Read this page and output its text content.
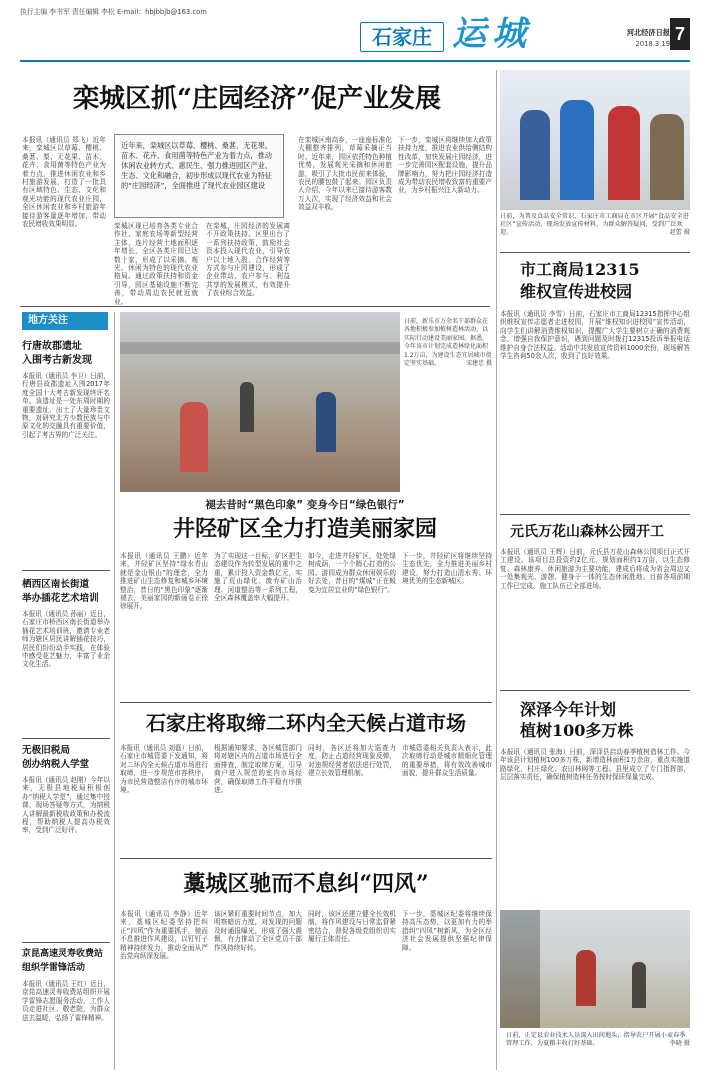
执行主编 李书军 责任编辑 李松 E-mail：hbjbbjb@163.com
石家庄 运城	河北经济日报
2018.3.19 7
栾城区抓“庄园经济”促产业发展
本报讯（通讯员 郑飞）近年来，栾城区以草莓、樱桃、桑葚、梨、无花果、苗木、花卉、食用菌等特色产业为着力点，推进休闲农业和乡村旅游发展，打造了一批具有区域特色、生态、文化和观光功能的现代农业庄园，全区休闲农业和乡村旅游年接待游客量逐年增加，带动农民增收效果明显。
近年来，栾城区以草莓、樱桃、桑葚、无花果、苗木、花卉、食用菌等特色产业为着力点，推动休闲农业转方式、惠民生、强力推进园区产业、生态、文化和融合，初步形成以现代农业为特征的“庄园经济”，全面推进了现代农业园区建设
栾城区现已培育各类专业合作社、家庭农场等新型经营主体，连片经营土地面积逐年增长，全区各类庄园已达数十家，形成了以采摘、观光、休闲为特色的现代农业格局。通过政策扶持和资金引导，园区基础设施不断完善，带动周边农民就近就业。
在栾城，庄园经济的发展离不开政策扶持。区里出台了一系列扶持政策，鼓励社会资本投入现代农业，引导农户以土地入股、合作经营等方式参与庄园建设，形成了企业带动、农户参与、利益共享的发展模式，有效提升了农业综合效益。
在栾城区南高乡，一座座标准化大棚整齐排列，草莓采摘正当时。近年来，园区依托特色种植优势，发展观光采摘和休闲旅游，吸引了大批市民前来体验，农民的腰包鼓了起来。园区负责人介绍，今年以来已接待游客数万人次，实现了经济效益和社会效益双丰收。
下一步，栾城区将继续加大政策扶持力度，推进农业供给侧结构性改革，加快发展庄园经济，进一步完善园区配套设施，提升品牌影响力，努力把庄园经济打造成为带动农民增收致富的重要产业，为乡村振兴注入新动力。
日前，为普及食品安全常识，石家庄市工商局在市区开展“食品安全进社区”宣传活动，现场发放宣传材料，为群众解答疑问，受到广泛欢迎。	赵蕾 摄
市工商局12315
维权宣传进校园
本报讯（通讯员 李雪）日前，石家庄市工商局12315指挥中心组织维权宣传志愿者走进校园，开展“维权知识进校园”宣传活动，向学生们讲解消费维权知识，提醒广大学生要树立正确的消费观念，增强自我保护意识，遇到问题及时拨打12315投诉举报电话维护自身合法权益。活动中共发放宣传资料1000余份，现场解答学生咨询50余人次，收到了良好效果。
元氏万花山森林公园开工
本报讯（通讯员 王辉）日前，元氏县万花山森林公园项目正式开工建设。该项目总投资约2亿元，规划面积约1万亩，以生态修复、森林康养、休闲旅游为主要功能，建成后将成为省会周边又一处集观光、游憩、健身于一体的生态休闲胜地。目前各项前期工作已完成，施工队伍已全部进场。
深泽今年计划
植树100多万株
本报讯（通讯员 张海）日前，深泽县启动春季植树造林工作。今年该县计划植树100多万株，新增造林面积1万余亩，重点实施道路绿化、村庄绿化、农田林网等工程。县里成立了专门指挥部，层层落实责任，确保植树造林任务按时保质保量完成。
日前，正定县农业技术人员深入田间地头，指导农户开展小麦春季管理工作，为夏粮丰收打好基础。	李晓 摄
地方关注
行唐故郡遗址
入围考古新发现
本报讯（通讯员 李卫）日前，行唐县故郡遗址入围2017年度全国十大考古新发现终评名单。该遗址是一处东周时期的重要遗址，出土了大量珍贵文物，对研究北方少数民族与中原文化的交融具有重要价值，引起了考古界的广泛关注。
栖西区南长街道
举办插花艺术培训
本报讯（通讯员 孙丽）近日，石家庄市桥西区南长街道举办插花艺术培训班，邀请专业老师为辖区居民讲解插花技巧，居民们纷纷动手实践，在体验中感受花艺魅力，丰富了业余文化生活。
无极旧税局
创办纳税人学堂
本报讯（通讯员 赵刚）今年以来，无极县地税局积极创办“纳税人学堂”，通过集中授课、现场答疑等方式，为纳税人讲解最新税收政策和办税流程，帮助纳税人提高办税效率，受到广泛好评。
京昆高速灵寿收费站
组织学雷锋活动
本报讯（通讯员 王红）近日，京昆高速灵寿收费站组织开展学雷锋志愿服务活动，工作人员走进社区、敬老院，为群众送去温暖，弘扬了雷锋精神。
日前，新乐市万余名干部群众在各地积极参加植树造林活动，以实际行动建设美丽家园。据悉，今年该市计划完成造林绿化面积1.2万亩，为建设生态宜居城市奠定坚实基础。	宋建忠 摄
褪去昔时“黑色印象” 变身今日“绿色银行”
井陉矿区全力打造美丽家园
本报讯（通讯员 王鹏）近年来，井陉矿区坚持“绿水青山就是金山银山”的理念，全力推进矿山生态修复和城乡环境整治，昔日的“黑色印象”逐渐褪去，美丽家园的新画卷正徐徐展开。
为了实现这一目标，矿区把生态建设作为转型发展的重中之重，累计投入资金数亿元，实施了荒山绿化、废弃矿山治理、河道整治等一系列工程，全区森林覆盖率大幅提升。
如今，走进井陉矿区，处处绿树成荫，一个个精心打造的公园、游园成为群众休闲娱乐的好去处，昔日的“煤城”正在蜕变为宜居宜业的“绿色银行”。
下一步，井陉矿区将继续坚持生态优先，全力推进美丽乡村建设，努力打造山清水秀、环境优美的生态新城区。
石家庄将取缔二环内全天候占道市场
本报讯（通讯员 刘磊）日前，石家庄市城管委下发通知，将对二环内全天候占道市场进行取缔，进一步规范市容秩序，为市民营造整洁有序的城市环境。
根据通知要求，各区城管部门将对辖区内的占道市场进行全面排查，制定取缔方案，引导商户进入规范的室内市场经营，确保取缔工作平稳有序推进。
同时，各区还将加大巡查力度，防止占道经营现象反弹，对违规经营者依法进行处罚，建立长效管理机制。
市城管委相关负责人表示，此次取缔行动是城市精细化管理的重要举措，将有效改善城市面貌，提升群众生活质量。
藁城区驰而不息纠“四风”
本报讯（通讯员 李静）近年来，藁城区纪委坚持把纠正“四风”作为重要抓手，驰而不息推进作风建设，以钉钉子精神持续发力，推动全面从严治党向纵深发展。
该区紧盯重要时间节点，加大明察暗访力度，对发现的问题及时通报曝光，形成了强大震慑，有力推动了全区党员干部作风持续好转。
同时，该区还建立健全长效机制，将作风建设与日常监督紧密结合，督促各级党组织切实履行主体责任。
下一步，藁城区纪委将继续保持高压态势，以更加有力的举措纠“四风”树新风，为全区经济社会发展提供坚强纪律保障。
